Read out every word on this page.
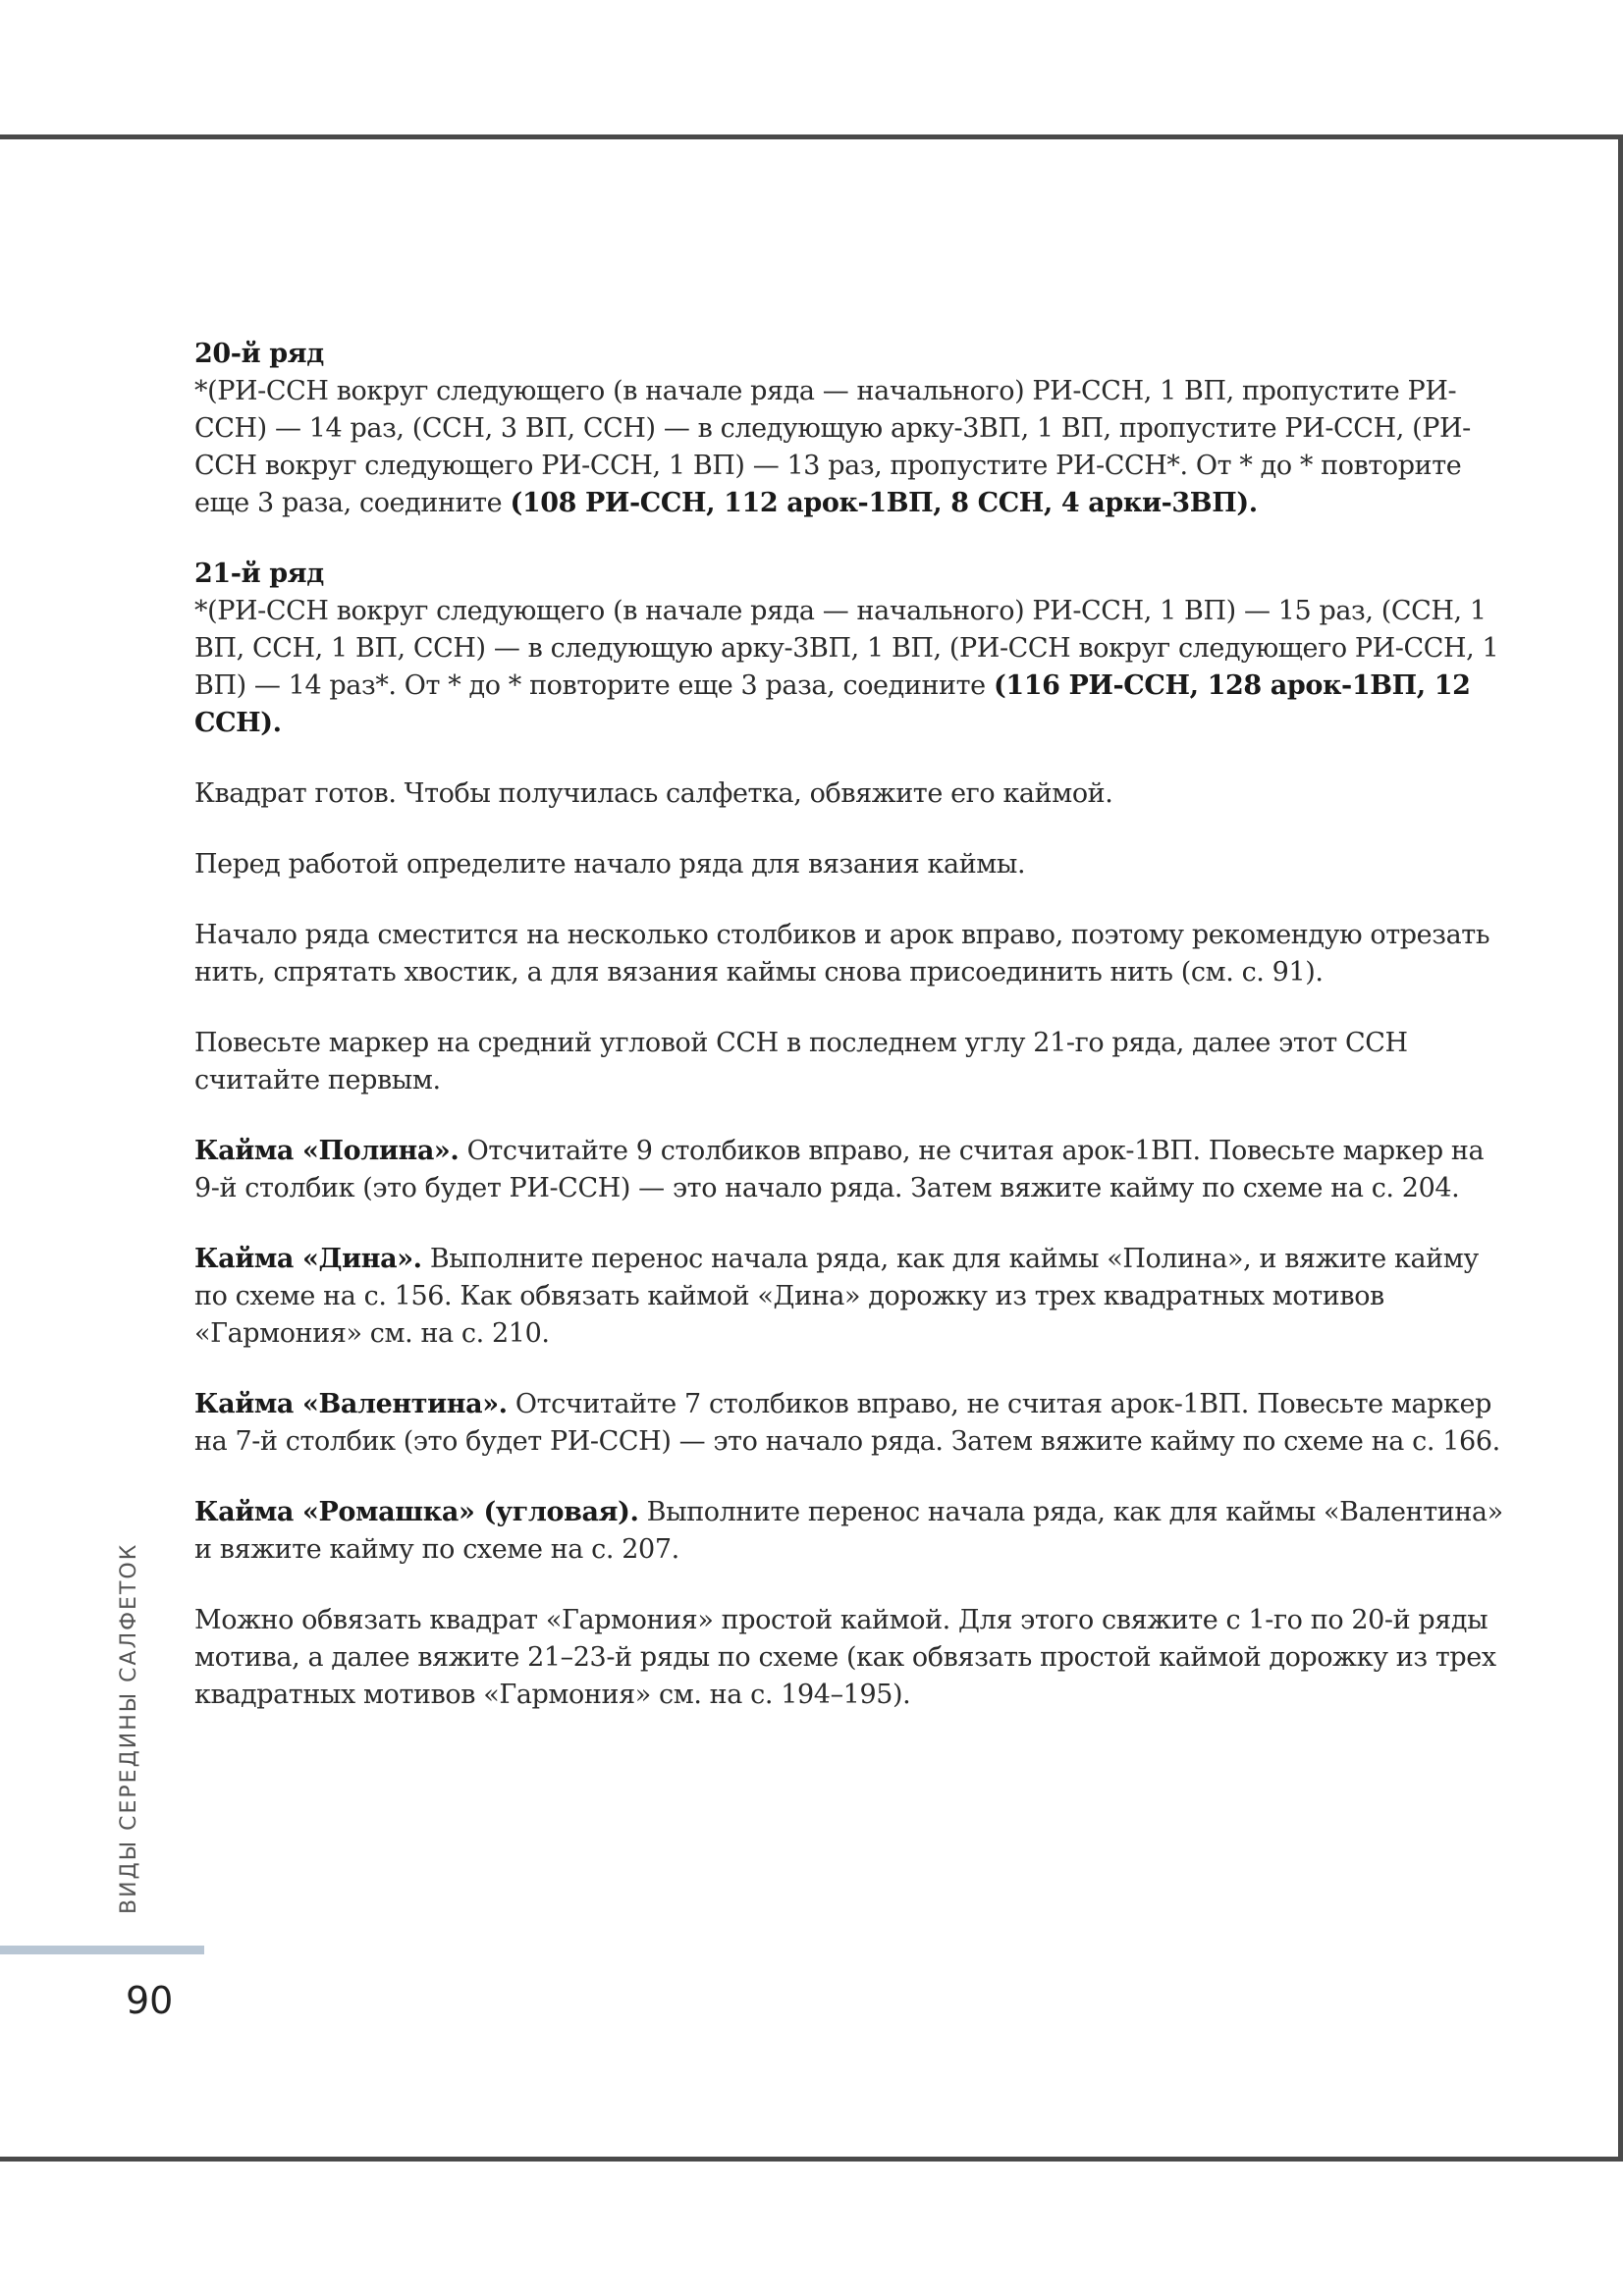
20-й ряд

*(РИ-ССН вокруг следующего (в начале ряда — начального) РИ-ССН, 1 ВП, пропустите РИ-ССН) — 14 раз, (ССН, 3 ВП, ССН) — в следующую арку-3ВП, 1 ВП, пропустите РИ-ССН, (РИ-ССН вокруг следующего РИ-ССН, 1 ВП) — 13 раз, пропустите РИ-ССН*. От * до * повторите еще 3 раза, соедините (108 РИ-ССН, 112 арок-1ВП, 8 ССН, 4 арки-3ВП).

21-й ряд

*(РИ-ССН вокруг следующего (в начале ряда — начального) РИ-ССН, 1 ВП) — 15 раз, (ССН, 1 ВП, ССН, 1 ВП, ССН) — в следующую арку-3ВП, 1 ВП, (РИ-ССН вокруг следующего РИ-ССН, 1 ВП) — 14 раз*. От * до * повторите еще 3 раза, соедините (116 РИ-ССН, 128 арок-1ВП, 12 ССН).

Квадрат готов. Чтобы получилась салфетка, обвяжите его каймой.

Перед работой определите начало ряда для вязания каймы.

Начало ряда сместится на несколько столбиков и арок вправо, поэтому рекомендую отрезать нить, спрятать хвостик, а для вязания каймы снова присоединить нить (см. с. 91).

Повесьте маркер на средний угловой ССН в последнем углу 21-го ряда, далее этот ССН считайте первым.

Кайма «Полина». Отсчитайте 9 столбиков вправо, не считая арок-1ВП. Повесьте маркер на 9-й столбик (это будет РИ-ССН) — это начало ряда. Затем вяжите кайму по схеме на с. 204.

Кайма «Дина». Выполните перенос начала ряда, как для каймы «Полина», и вяжите кайму по схеме на с. 156. Как обвязать каймой «Дина» дорожку из трех квадратных мотивов «Гармония» см. на с. 210.

Кайма «Валентина». Отсчитайте 7 столбиков вправо, не считая арок-1ВП. Повесьте маркер на 7-й столбик (это будет РИ-ССН) — это начало ряда. Затем вяжите кайму по схеме на с. 166.

Кайма «Ромашка» (угловая). Выполните перенос начала ряда, как для каймы «Валентина» и вяжите кайму по схеме на с. 207.

Можно обвязать квадрат «Гармония» простой каймой. Для этого свяжите с 1-го по 20-й ряды мотива, а далее вяжите 21–23-й ряды по схеме (как обвязать простой каймой дорожку из трех квадратных мотивов «Гармония» см. на с. 194–195).

ВИДЫ СЕРЕДИНЫ САЛФЕТОК
90
